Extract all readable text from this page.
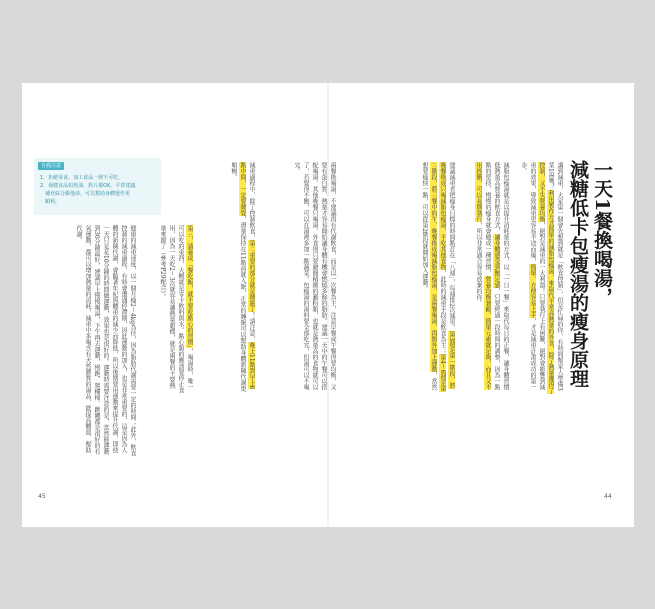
一天1餐換喝湯，
減糖低卡包瘦湯的瘦身原理
講到減重，大家第一個會先想到就是「飲食控制」，但是忙碌的你，有時間幫家人準備3菜1湯嗎？利用製作方式簡單的減脂包瘦湯，來取代平常高熱量的外食，除了熱量獲得了控制，又不失營養均衡，絕對是減重的一大利器！只要執行上有困難，絕對會影響到減重的效果，導致減重更容易半途而廢，簡單、方便容易上手，才是減重計畫成功的第一步。
減脂包瘦湯就是以提升消耗量的方式，以「一日一餐」來取代每日的正餐，讓身體習慣低熱量高營養的飲食方式，讓身體感受到飽足感，只要經過一段時間的調整，因為一點點的堅持，慢慢的瘦身就會變成一種習慣，營養均衡兼顧，簡單元素就足夠，而且又不用挨餓，可以長期執行，所以非常適合容易放棄的你。
建議減重者把瘦身目標的時間點訂在「八週」，每週排2次減重。第3週是第一階段，將晚餐換成只喝減脂包瘦湯，不吃其他食物，此時的減重手段是飲食為主；第4～6週是第二階段，將三餐中的午、晚餐換成喝減脂包瘦湯，是兩餐喝湯，再額外加上運動，當然想要瘦快一點，可以從第2階段就開始加入運動。
兩餐換喝湯，不建議再有代謝飲食，而是以一次餐為主，注意早餐或午餐得要均衡，又要有蛋白質、熱量才容易開始讓身體有機會燃燒多餘的脂肪。建議一天中的午餐可以搭配喝湯，其他晚餐只喝湯，外食則只要避開精緻的澱粉類，也就是熱量高的食物就可以了，若覺得不飽，可以在湯裡多加一點蔬菜。包瘦湯的湯料要全部吃完，但湯可以不喝完。
減重過程中，除了控制飲食，第二重要的部分就是睡眠了！請注意，晚上11點到早上6點中間，一定要睡覺，盡量保持在11點前就入眠，正常的睡眠可以幫助身體新陳代謝更順暢。
第三，請養成「餐吃飯，就不要吃點心的習慣」，喝湯時，唯一可以吃的東西，大概就是零卡飲料與水。點心類的應該要停止食用，因為一天吃2～3次就容易讓熱量超標，就是兩餐的主要熱量來源了（參考P29配合）。
健康的減重速度，以一個月瘦2～4kg為佳，因為脂肪代謝需要一定的時間；此外，飲食控制的減重過程，有時會遭遇停滯期，因此運動的加入，也是非常重要的，這是因為人體的新陳代謝，會隨著年紀與體重的減少而降低，所以後期要用運動來提升代謝，即使一天只是花10分鐘的時間做運動，效果也是很好的。運動時需要注意的是，當然能運動到30分鐘最好，建議早上慢慢喝湯，下午再去運動，慢跑、爬樓梯、跳繩都是很好的有氧運動，都可以增加熱量的消耗，減重中多喝含有天然膠質的湯品，能提高體溫、幫助代謝。
自我注意
1．拒絕零食、加工食品一律不可吃。
2．保健食品如魚油、鈣片都OK，平常建議
補充綜合維他命，可以幫助身體運作更
順利。
45	44
